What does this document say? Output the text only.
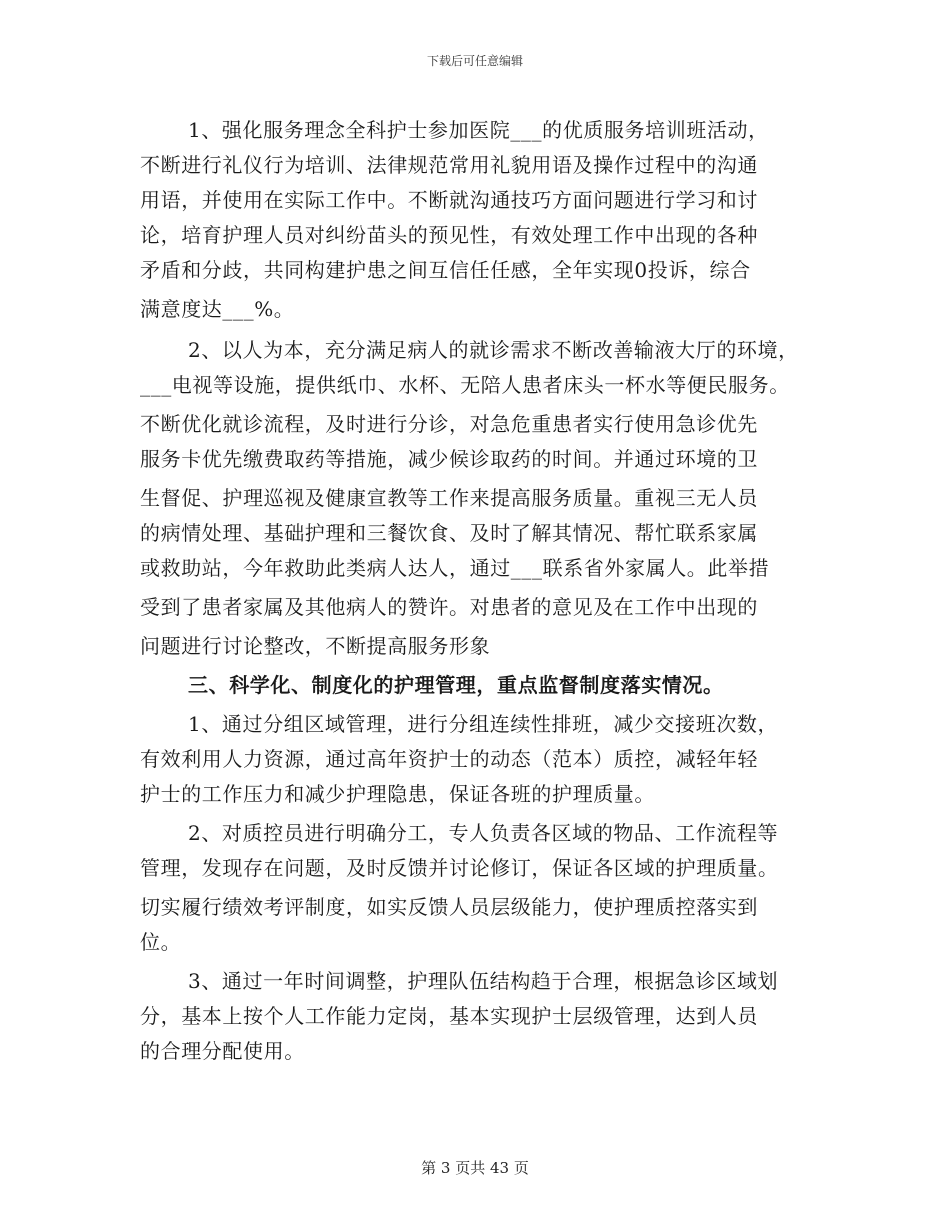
下载后可任意编辑
1、强化服务理念全科护士参加医院___的优质服务培训班活动，
不断进行礼仪行为培训、法律规范常用礼貌用语及操作过程中的沟通
用语，并使用在实际工作中。不断就沟通技巧方面问题进行学习和讨
论，培育护理人员对纠纷苗头的预见性，有效处理工作中出现的各种
矛盾和分歧，共同构建护患之间互信任任感，全年实现0投诉，综合
满意度达___%。
2、以人为本，充分满足病人的就诊需求不断改善输液大厅的环境，
___电视等设施，提供纸巾、水杯、无陪人患者床头一杯水等便民服务。
不断优化就诊流程，及时进行分诊，对急危重患者实行使用急诊优先
服务卡优先缴费取药等措施，减少候诊取药的时间。并通过环境的卫
生督促、护理巡视及健康宣教等工作来提高服务质量。重视三无人员
的病情处理、基础护理和三餐饮食、及时了解其情况、帮忙联系家属
或救助站，今年救助此类病人达人，通过___联系省外家属人。此举措
受到了患者家属及其他病人的赞许。对患者的意见及在工作中出现的
问题进行讨论整改，不断提高服务形象
三、科学化、制度化的护理管理，重点监督制度落实情况。
1、通过分组区域管理，进行分组连续性排班，减少交接班次数，
有效利用人力资源，通过高年资护士的动态（范本）质控，减轻年轻
护士的工作压力和减少护理隐患，保证各班的护理质量。
2、对质控员进行明确分工，专人负责各区域的物品、工作流程等
管理，发现存在问题，及时反馈并讨论修订，保证各区域的护理质量。
切实履行绩效考评制度，如实反馈人员层级能力，使护理质控落实到
位。
3、通过一年时间调整，护理队伍结构趋于合理，根据急诊区域划
分，基本上按个人工作能力定岗，基本实现护士层级管理，达到人员
的合理分配使用。
第 3 页共 43 页
